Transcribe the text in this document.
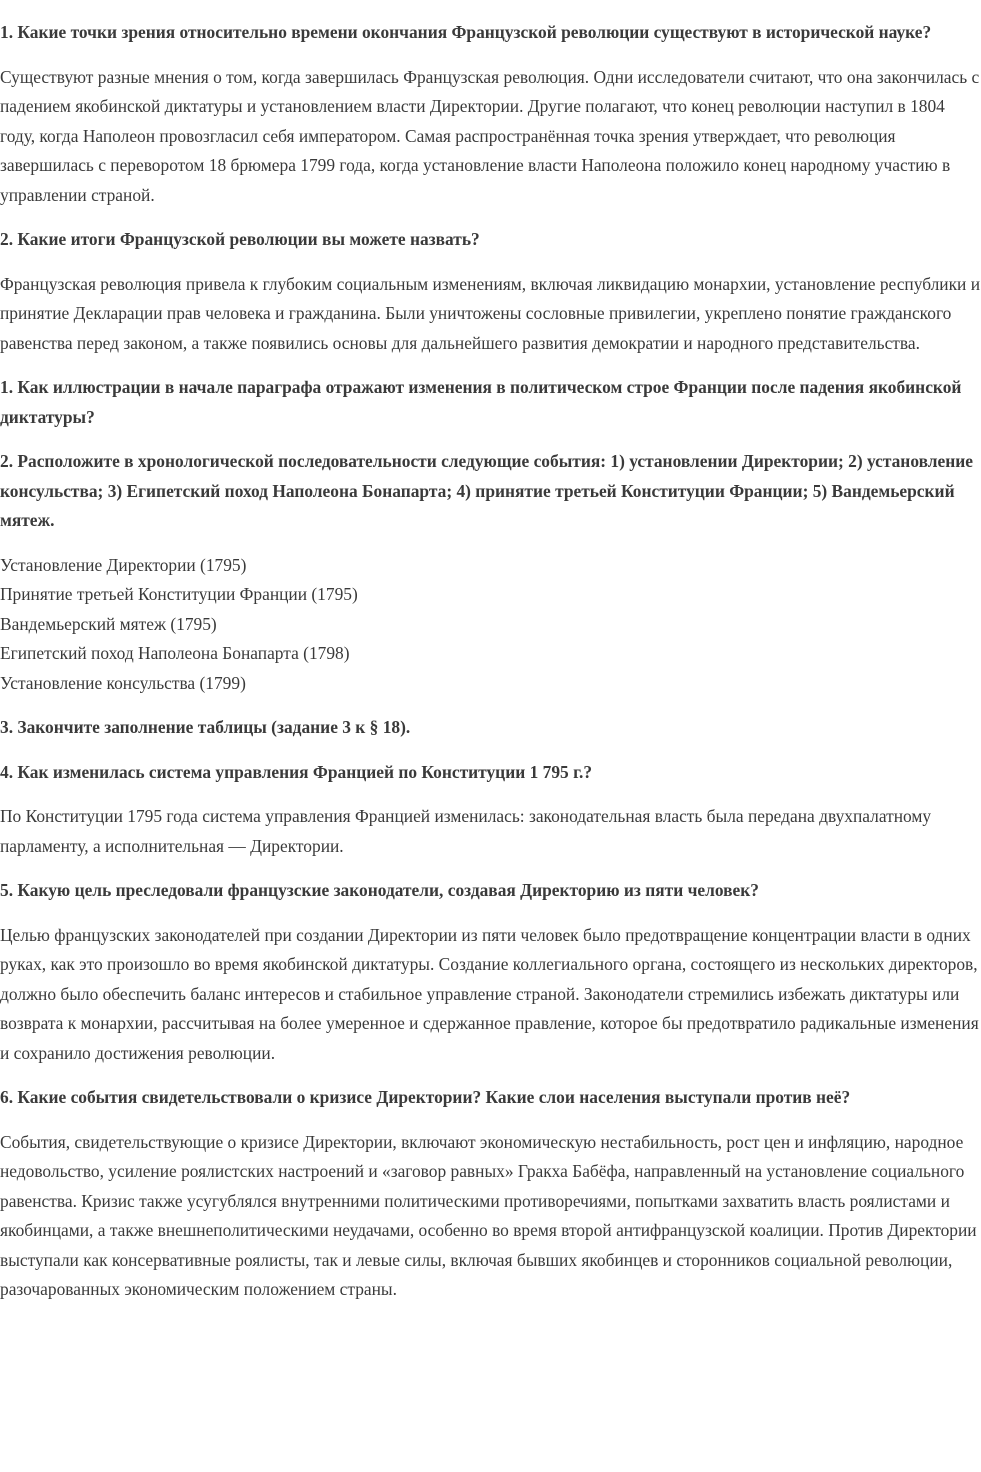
1. Какие точки зрения относительно времени окончания Французской революции существуют в исторической науке?

Существуют разные мнения о том, когда завершилась Французская революция. Одни исследователи считают, что она закончилась с падением якобинской диктатуры и установлением власти Директории. Другие полагают, что конец революции наступил в 1804 году, когда Наполеон провозгласил себя императором. Самая распространённая точка зрения утверждает, что революция завершилась с переворотом 18 брюмера 1799 года, когда установление власти Наполеона положило конец народному участию в управлении страной.

2. Какие итоги Французской революции вы можете назвать?

Французская революция привела к глубоким социальным изменениям, включая ликвидацию монархии, установление республики и принятие Декларации прав человека и гражданина. Были уничтожены сословные привилегии, укреплено понятие гражданского равенства перед законом, а также появились основы для дальнейшего развития демократии и народного представительства.

1. Как иллюстрации в начале параграфа отражают изменения в политическом строе Франции после падения якобинской диктатуры?
2. Расположите в хронологической последовательности следующие события: 1) установлении Директории; 2) установление консульства; 3) Египетский поход Наполеона Бонапарта; 4) принятие третьей Конституции Франции; 5) Вандемьерский мятеж.
Установление Директории (1795)
Принятие третьей Конституции Франции (1795)
Вандемьерский мятеж (1795)
Египетский поход Наполеона Бонапарта (1798)
Установление консульства (1799)
3. Закончите заполнение таблицы (задание 3 к § 18).
4. Как изменилась система управления Францией по Конституции 1 795 г.?

По Конституции 1795 года система управления Францией изменилась: законодательная власть была передана двухпалатному парламенту, а исполнительная — Директории.

5. Какую цель преследовали французские законодатели, создавая Директорию из пяти человек?

Целью французских законодателей при создании Директории из пяти человек было предотвращение концентрации власти в одних руках, как это произошло во время якобинской диктатуры. Создание коллегиального органа, состоящего из нескольких директоров, должно было обеспечить баланс интересов и стабильное управление страной. Законодатели стремились избежать диктатуры или возврата к монархии, рассчитывая на более умеренное и сдержанное правление, которое бы предотвратило радикальные изменения и сохранило достижения революции.

6. Какие события свидетельствовали о кризисе Директории? Какие слои населения выступали против неё?

События, свидетельствующие о кризисе Директории, включают экономическую нестабильность, рост цен и инфляцию, народное недовольство, усиление роялистских настроений и «заговор равных» Гракха Бабёфа, направленный на установление социального равенства. Кризис также усугублялся внутренними политическими противоречиями, попытками захватить власть роялистами и якобинцами, а также внешнеполитическими неудачами, особенно во время второй антифранцузской коалиции. Против Директории выступали как консервативные роялисты, так и левые силы, включая бывших якобинцев и сторонников социальной революции, разочарованных экономическим положением страны.
